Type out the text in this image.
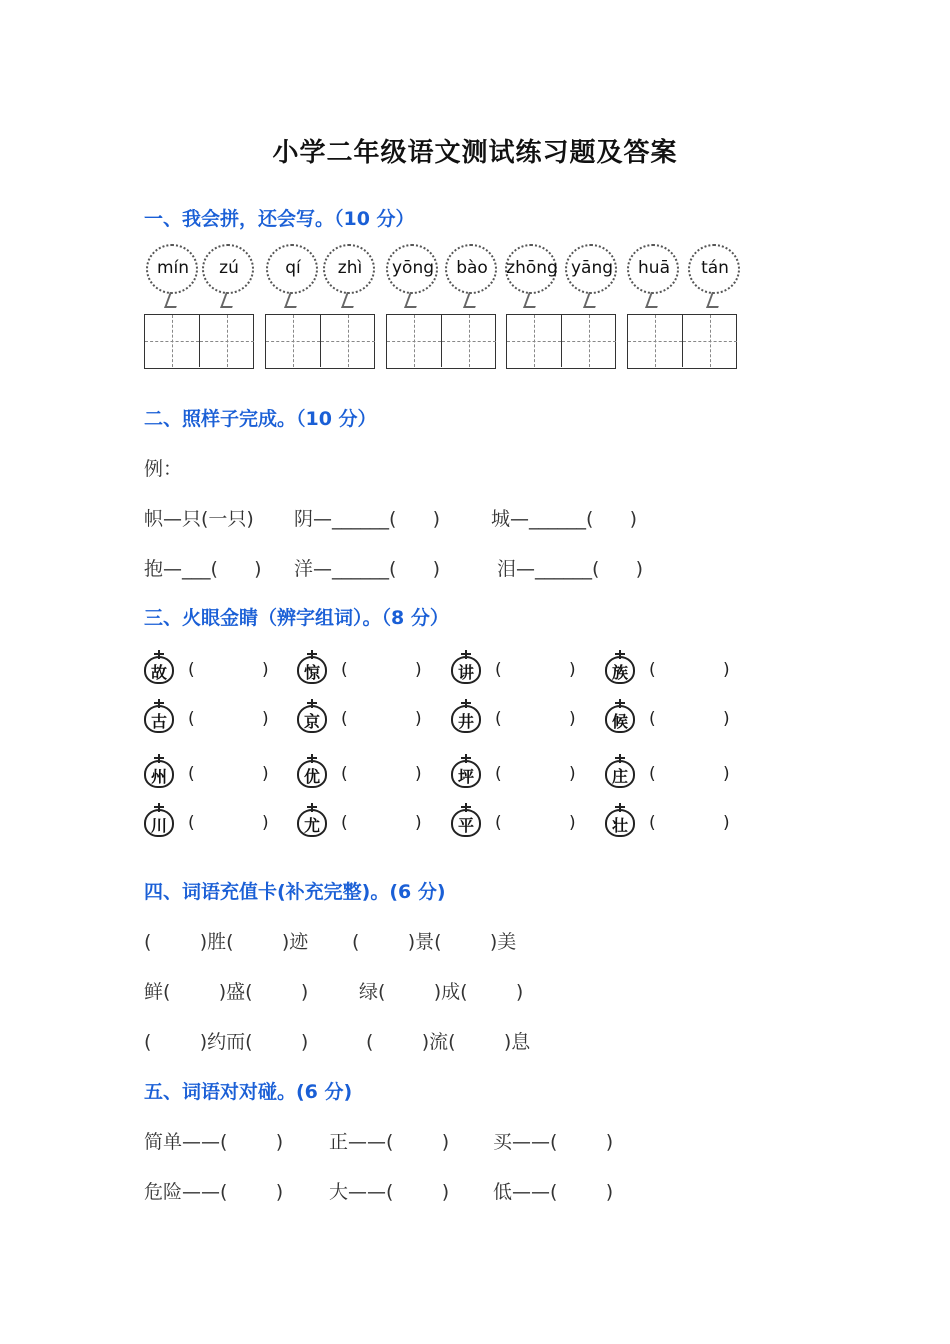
小学二年级语文测试练习题及答案
一、我会拼，还会写。（10 分）
mín	zú	qí	zhì	yōng	bào	zhōng yāng	huā	tán
二、照样子完成。（10 分）
例：
帜—只(一只) 阴—______(      )	城—______(      )
抱—___(      ) 洋—______(      )	泪—______(      )
三、火眼金睛（辨字组词）。（8 分）
故	(	)	惊	(	)	讲	(	)	族	(	)
古	(	)	京	(	)	井	(	)	候	(	)
州	(	)	优	(	)	坪	(	)	庄	(	)
川	(	)	尤	(	)	平	(	)	壮	(	)
四、词语充值卡(补充完整)。(6 分)
(        )胜(        )迹 (        )景(        )美
鲜(        )盛(        )	绿(        )成(        )
(        )约而(        )	(        )流(        )息
五、词语对对碰。(6 分)
简单——(        ) 正——(        ) 买——(        )
危险——(        ) 大——(        ) 低——(        )
